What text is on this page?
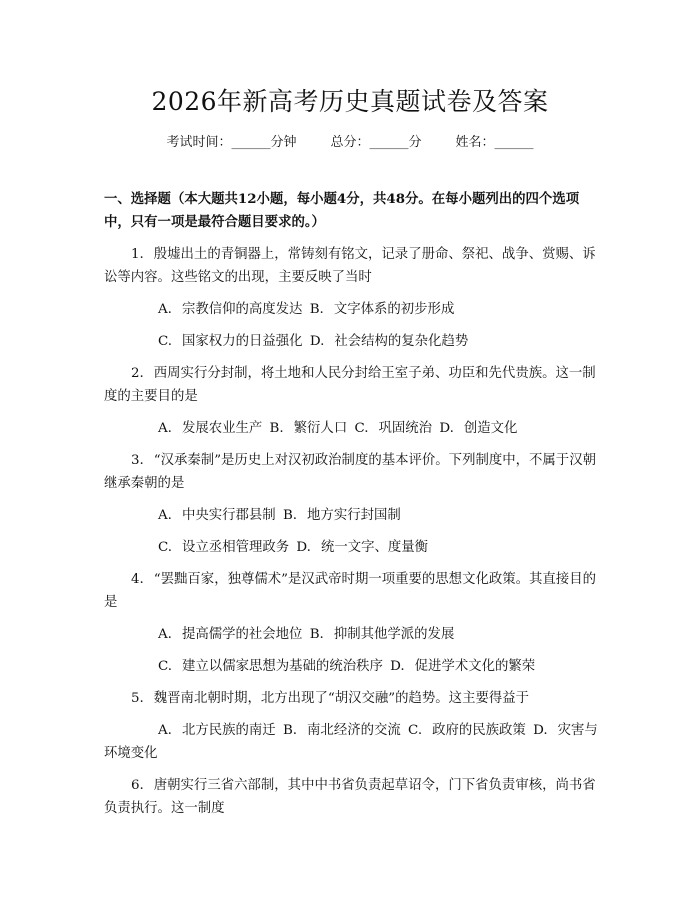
2026年新高考历史真题试卷及答案
考试时间：______分钟	总分：______分	姓名：______

一、选择题（本大题共12小题，每小题4分，共48分。在每小题列出的四个选项中，只有一项是最符合题目要求的。）

1. 殷墟出土的青铜器上，常铸刻有铭文，记录了册命、祭祀、战争、赏赐、诉讼等内容。这些铭文的出现，主要反映了当时

A. 宗教信仰的高度发达 B. 文字体系的初步形成

C. 国家权力的日益强化 D. 社会结构的复杂化趋势

2. 西周实行分封制，将土地和人民分封给王室子弟、功臣和先代贵族。这一制度的主要目的是

A. 发展农业生产 B. 繁衍人口 C. 巩固统治 D. 创造文化

3. “汉承秦制”是历史上对汉初政治制度的基本评价。下列制度中，不属于汉朝继承秦朝的是

A. 中央实行郡县制 B. 地方实行封国制

C. 设立丞相管理政务 D. 统一文字、度量衡

4. “罢黜百家，独尊儒术”是汉武帝时期一项重要的思想文化政策。其直接目的是

A. 提高儒学的社会地位 B. 抑制其他学派的发展

C. 建立以儒家思想为基础的统治秩序 D. 促进学术文化的繁荣

5. 魏晋南北朝时期，北方出现了“胡汉交融”的趋势。这主要得益于

A. 北方民族的南迁 B. 南北经济的交流 C. 政府的民族政策 D. 灾害与环境变化

6. 唐朝实行三省六部制，其中中书省负责起草诏令，门下省负责审核，尚书省负责执行。这一制度
